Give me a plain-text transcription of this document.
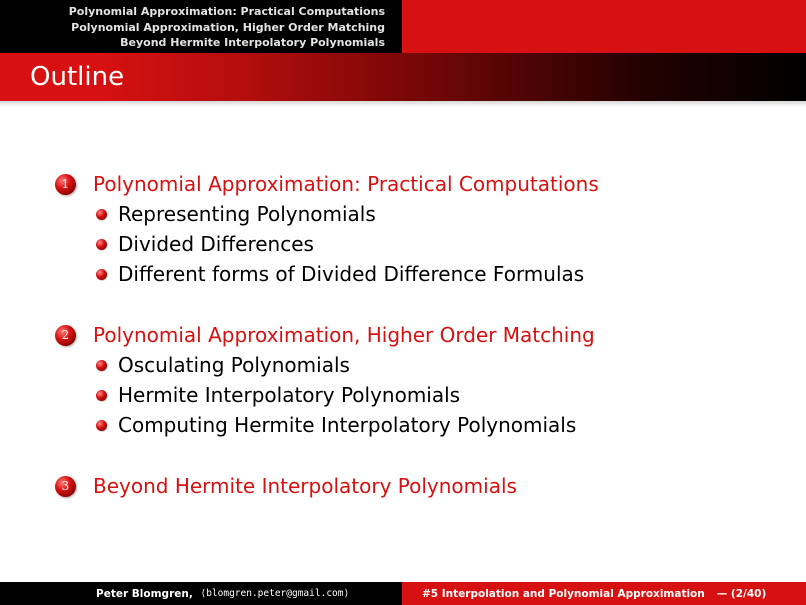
Polynomial Approximation: Practical Computations
Polynomial Approximation, Higher Order Matching
Beyond Hermite Interpolatory Polynomials
Outline
1	Polynomial Approximation: Practical Computations
Representing Polynomials
Divided Differences
Different forms of Divided Difference Formulas
2	Polynomial Approximation, Higher Order Matching
Osculating Polynomials
Hermite Interpolatory Polynomials
Computing Hermite Interpolatory Polynomials
3	Beyond Hermite Interpolatory Polynomials
Peter Blomgren,
⟨blomgren.peter@gmail.com⟩	#5 Interpolation and Polynomial Approximation — (2/40)
